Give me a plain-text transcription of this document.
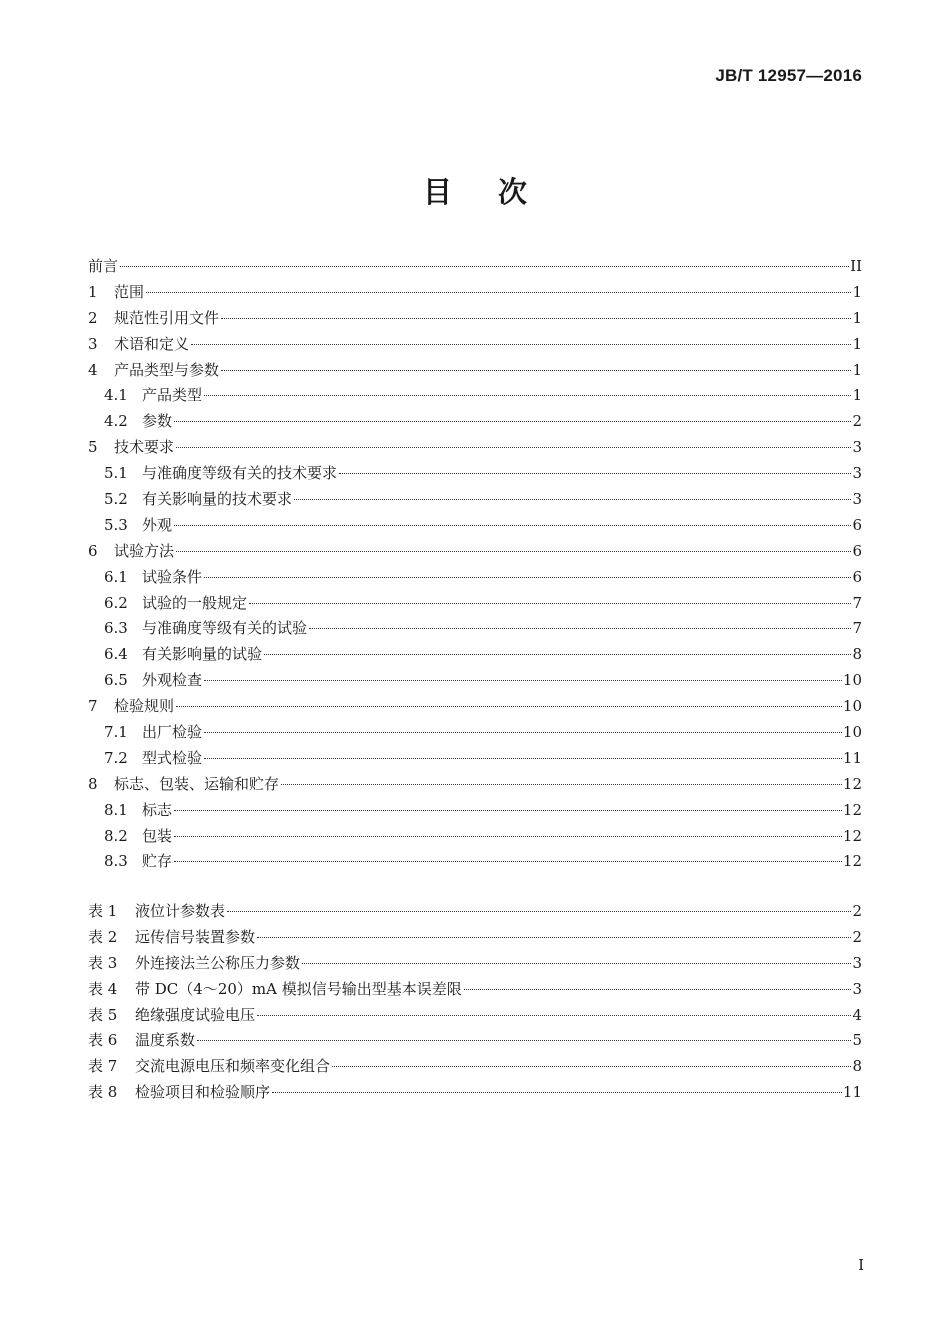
JB/T 12957—2016
目 次
前言	II
1	范围	1
2	规范性引用文件	1
3	术语和定义	1
4	产品类型与参数	1
4.1 产品类型	1
4.2 参数	2
5	技术要求	3
5.1 与准确度等级有关的技术要求	3
5.2 有关影响量的技术要求	3
5.3 外观	6
6	试验方法	6
6.1 试验条件	6
6.2 试验的一般规定	7
6.3 与准确度等级有关的试验	7
6.4 有关影响量的试验	8
6.5 外观检查	10
7	检验规则	10
7.1 出厂检验	10
7.2 型式检验	11
8	标志、包装、运输和贮存	12
8.1 标志	12
8.2 包装	12
8.3 贮存	12
表 1	液位计参数表	2
表 2	远传信号装置参数	2
表 3	外连接法兰公称压力参数	3
表 4	带 DC（4～20）mA 模拟信号输出型基本误差限	3
表 5	绝缘强度试验电压	4
表 6	温度系数	5
表 7	交流电源电压和频率变化组合	8
表 8	检验项目和检验顺序	11
I
